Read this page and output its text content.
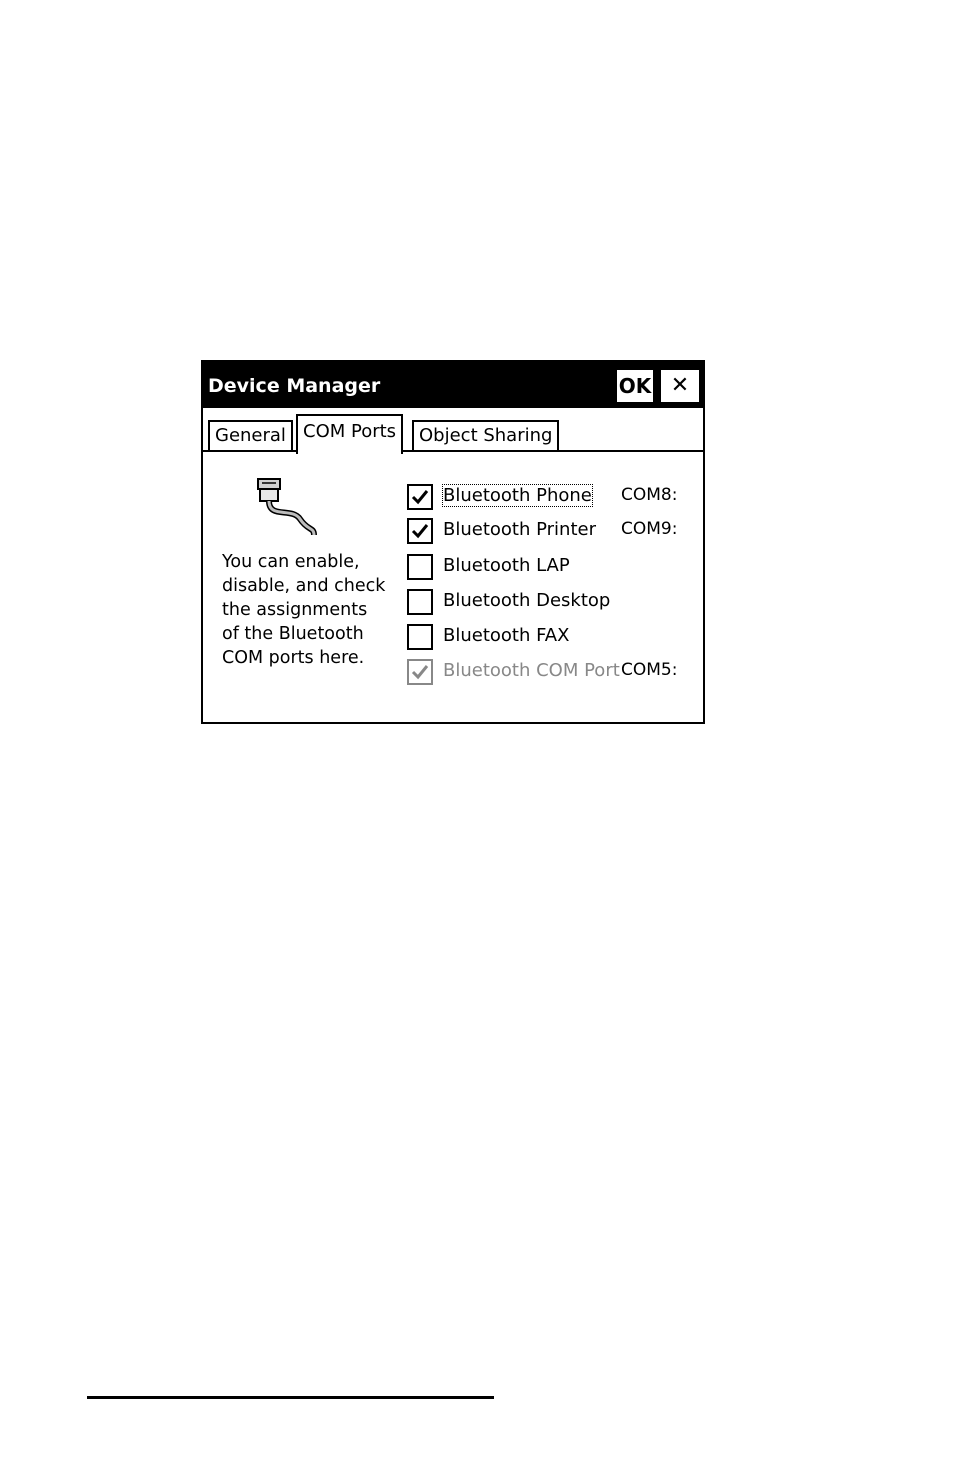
Device Manager	OK ✕
General COM Ports	Object Sharing
You can enable,
disable, and check
the assignments
of the Bluetooth
COM ports here.
Bluetooth Phone COM8:
Bluetooth Printer COM9:
Bluetooth LAP
Bluetooth Desktop
Bluetooth FAX
Bluetooth COM Port COM5:
